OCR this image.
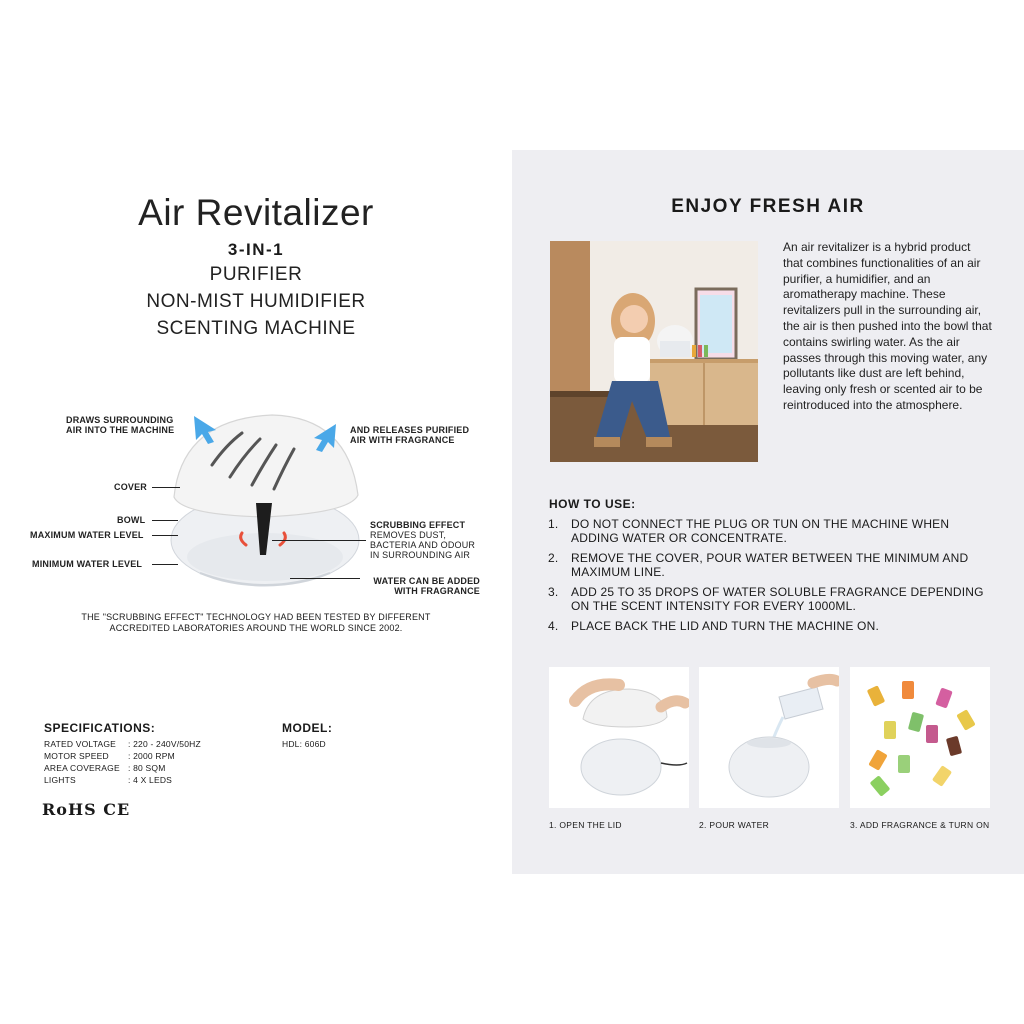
Air Revitalizer
3-IN-1
PURIFIER
NON-MIST HUMIDIFIER
SCENTING MACHINE
DRAWS SURROUNDING
AIR INTO THE MACHINE	AND RELEASES PURIFIED
AIR WITH FRAGRANCE
COVER
BOWL
MAXIMUM WATER LEVEL
MINIMUM WATER LEVEL
SCRUBBING EFFECT
REMOVES DUST,
BACTERIA AND ODOUR
IN SURROUNDING AIR
WATER CAN BE ADDED
WITH FRAGRANCE
THE "SCRUBBING EFFECT" TECHNOLOGY HAD BEEN TESTED BY DIFFERENT
ACCREDITED LABORATORIES AROUND THE WORLD SINCE 2002.
SPECIFICATIONS:
RATED VOLTAGE : 220 - 240V/50HZ
MOTOR SPEED : 2000 RPM
AREA COVERAGE : 80 SQM
LIGHTS	: 4 X LEDS
MODEL:
HDL: 606D
RoHS CE
ENJOY FRESH AIR
An air revitalizer is a hybrid product that combines functionalities of an air purifier, a humidifier, and an aromatherapy machine. These revitalizers pull in the surrounding air, the air is then pushed into the bowl that contains swirling water. As the air passes through this moving water, any pollutants like dust are left behind, leaving only fresh or scented air to be reintroduced into the atmosphere.
HOW TO USE:
1. DO NOT CONNECT THE PLUG OR TUN ON THE MACHINE WHEN ADDING WATER OR CONCENTRATE.
2. REMOVE THE COVER, POUR WATER BETWEEN THE MINIMUM AND MAXIMUM LINE.
3. ADD 25 TO 35 DROPS OF WATER SOLUBLE FRAGRANCE DEPENDING ON THE SCENT INTENSITY FOR EVERY 1000ML.
4. PLACE BACK THE LID AND TURN THE MACHINE ON.
1. OPEN THE LID	2. POUR WATER	3. ADD FRAGRANCE & TURN ON
